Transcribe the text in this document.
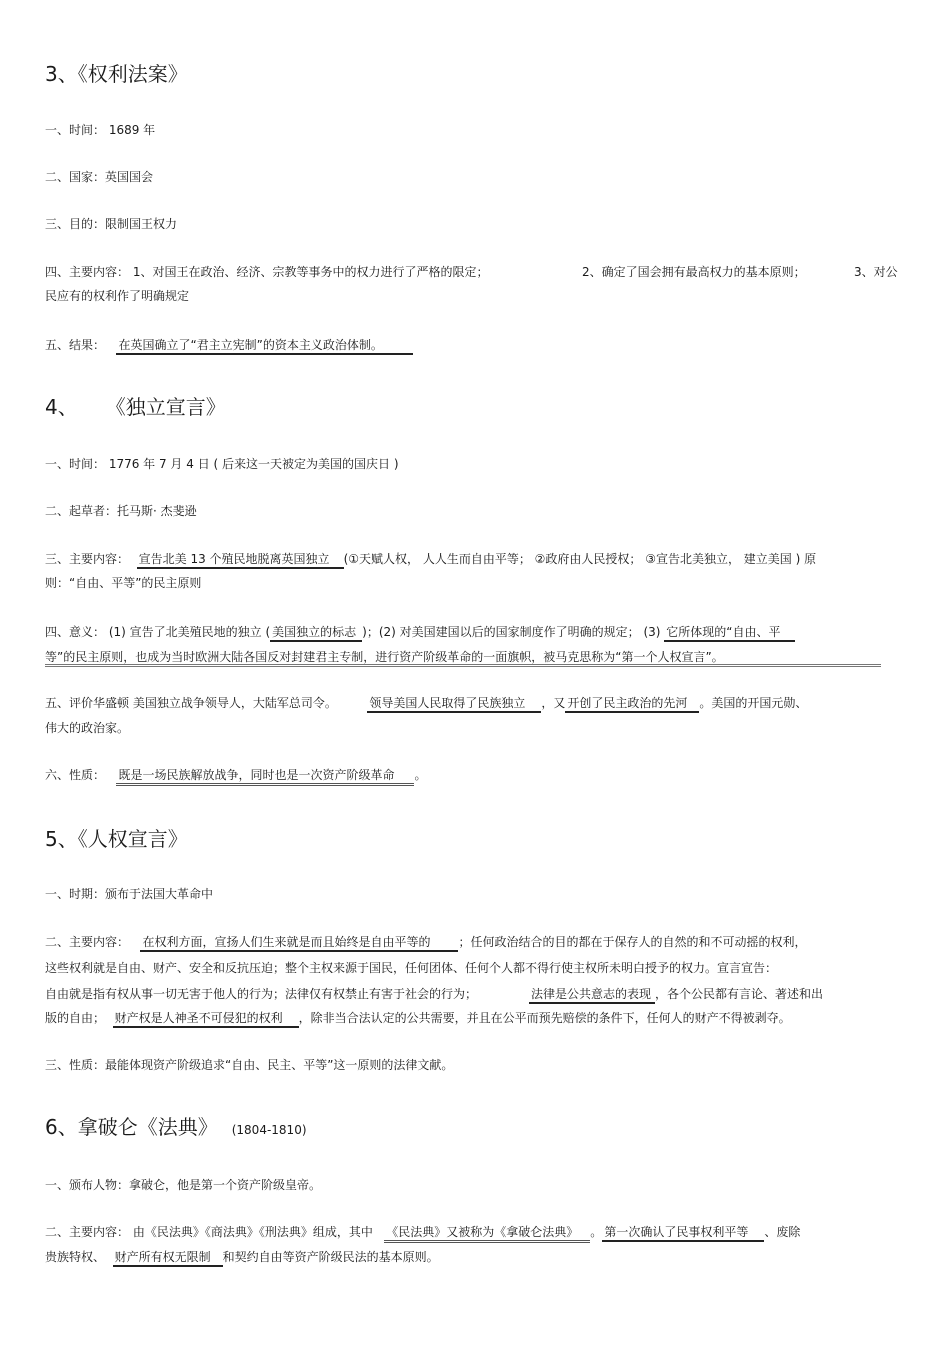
3、《权利法案》
一、时间： 1689 年
二、国家：英国国会
三、目的：限制国王权力
四、主要内容： 1、对国王在政治、经济、宗教等事务中的权力进行了严格的限定；	2、确定了国会拥有最高权力的基本原则；	3、对公
民应有的权利作了明确规定
五、结果： 在英国确立了“君主立宪制”的资本主义政治体制。
4、 《独立宣言》
一、时间： 1776 年 7 月 4 日 ( 后来这一天被定为美国的国庆日 )
二、起草者：托马斯· 杰斐逊
三、主要内容： 宣告北美 13 个殖民地脱离英国独立 (①天赋人权， 人人生而自由平等； ②政府由人民授权； ③宣告北美独立， 建立美国 ) 原
则：“自由、平等”的民主原则
四、意义： (1) 宣告了北美殖民地的独立 ( 美国独立的标志 )；(2) 对美国建国以后的国家制度作了明确的规定； (3) 它所体现的“自由、平
等”的民主原则，也成为当时欧洲大陆各国反对封建君主专制，进行资产阶级革命的一面旗帜，被马克思称为“第一个人权宣言”。
五、评价华盛顿 美国独立战争领导人，大陆军总司令。	领导美国人民取得了民族独立 ，又 开创了民主政治的先河 。美国的开国元勋、
伟大的政治家。
六、性质： 既是一场民族解放战争，同时也是一次资产阶级革命 。
5、《人权宣言》
一、时期：颁布于法国大革命中
二、主要内容： 在权利方面，宣扬人们生来就是而且始终是自由平等的 ；任何政治结合的目的都在于保存人的自然的和不可动摇的权利，
这些权利就是自由、财产、安全和反抗压迫；整个主权来源于国民，任何团体、任何个人都不得行使主权所未明白授予的权力。宣言宣告：
自由就是指有权从事一切无害于他人的行为；法律仅有权禁止有害于社会的行为；	法律是公共意志的表现 ，各个公民都有言论、著述和出
版的自由； 财产权是人神圣不可侵犯的权利 ，除非当合法认定的公共需要，并且在公平而预先赔偿的条件下，任何人的财产不得被剥夺。
三、性质：最能体现资产阶级追求“自由、民主、平等”这一原则的法律文献。
6、拿破仑《法典》 (1804-1810)
一、颁布人物：拿破仑，他是第一个资产阶级皇帝。
二、主要内容： 由《民法典》《商法典》《刑法典》组成，其中 《民法典》又被称为《拿破仑法典》 。 第一次确认了民事权利平等 、废除
贵族特权、 财产所有权无限制 和契约自由等资产阶级民法的基本原则。
